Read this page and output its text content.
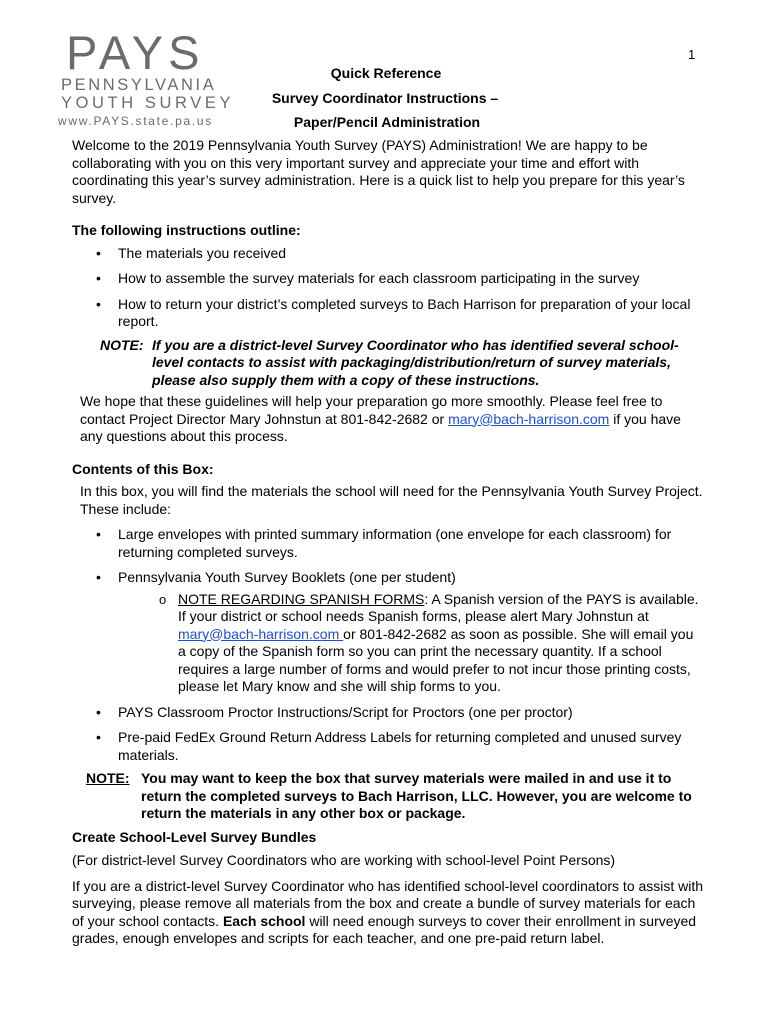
1
PAYS
PENNSYLVANIA
YOUTH SURVEY
www.PAYS.state.pa.us
Quick Reference
Survey Coordinator Instructions –
Paper/Pencil Administration

Welcome to the 2019 Pennsylvania Youth Survey (PAYS) Administration! We are happy to be collaborating with you on this very important survey and appreciate your time and effort with coordinating this year’s survey administration. Here is a quick list to help you prepare for this year’s survey.

The following instructions outline:

• The materials you received
• How to assemble the survey materials for each classroom participating in the survey
• How to return your district’s completed surveys to Bach Harrison for preparation of your local report.
NOTE: If you are a district-level Survey Coordinator who has identified several school-level contacts to assist with packaging/distribution/return of survey materials, please also supply them with a copy of these instructions.

We hope that these guidelines will help your preparation go more smoothly. Please feel free to contact Project Director Mary Johnstun at 801-842-2682 or mary@bach-harrison.com if you have any questions about this process.

Contents of this Box:

In this box, you will find the materials the school will need for the Pennsylvania Youth Survey Project. These include:

• Large envelopes with printed summary information (one envelope for each classroom) for returning completed surveys.
• Pennsylvania Youth Survey Booklets (one per student)
o NOTE REGARDING SPANISH FORMS: A Spanish version of the PAYS is available. If your district or school needs Spanish forms, please alert Mary Johnstun at mary@bach-harrison.com or 801-842-2682 as soon as possible. She will email you a copy of the Spanish form so you can print the necessary quantity. If a school requires a large number of forms and would prefer to not incur those printing costs, please let Mary know and she will ship forms to you.
• PAYS Classroom Proctor Instructions/Script for Proctors (one per proctor)
• Pre-paid FedEx Ground Return Address Labels for returning completed and unused survey materials.
NOTE: You may want to keep the box that survey materials were mailed in and use it to return the completed surveys to Bach Harrison, LLC. However, you are welcome to return the materials in any other box or package.

Create School-Level Survey Bundles

(For district-level Survey Coordinators who are working with school-level Point Persons)

If you are a district-level Survey Coordinator who has identified school-level coordinators to assist with surveying, please remove all materials from the box and create a bundle of survey materials for each of your school contacts. Each school will need enough surveys to cover their enrollment in surveyed grades, enough envelopes and scripts for each teacher, and one pre-paid return label.
